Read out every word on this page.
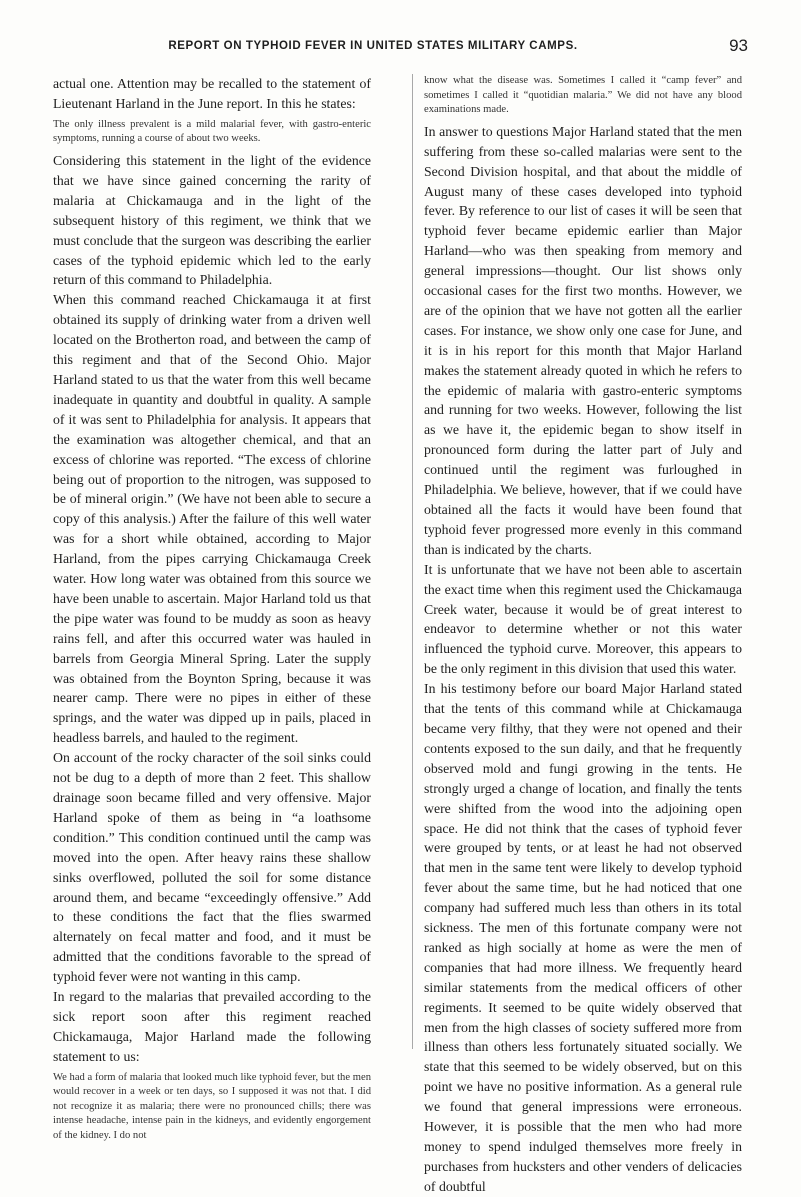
REPORT ON TYPHOID FEVER IN UNITED STATES MILITARY CAMPS.	93

actual one. Attention may be recalled to the statement of Lieutenant Harland in the June report. In this he states:

The only illness prevalent is a mild malarial fever, with gastro-enteric symptoms, running a course of about two weeks.

Considering this statement in the light of the evidence that we have since gained concerning the rarity of malaria at Chickamauga and in the light of the subsequent history of this regiment, we think that we must conclude that the surgeon was describing the earlier cases of the typhoid epidemic which led to the early return of this command to Philadelphia.

When this command reached Chickamauga it at first obtained its supply of drinking water from a driven well located on the Brotherton road, and between the camp of this regiment and that of the Second Ohio. Major Harland stated to us that the water from this well became inadequate in quantity and doubtful in quality. A sample of it was sent to Philadelphia for analysis. It appears that the examination was altogether chemical, and that an excess of chlorine was reported. “The excess of chlorine being out of proportion to the nitrogen, was supposed to be of mineral origin.” (We have not been able to secure a copy of this analysis.) After the failure of this well water was for a short while obtained, according to Major Harland, from the pipes carrying Chickamauga Creek water. How long water was obtained from this source we have been unable to ascertain. Major Harland told us that the pipe water was found to be muddy as soon as heavy rains fell, and after this occurred water was hauled in barrels from Georgia Mineral Spring. Later the supply was obtained from the Boynton Spring, because it was nearer camp. There were no pipes in either of these springs, and the water was dipped up in pails, placed in headless barrels, and hauled to the regiment.

On account of the rocky character of the soil sinks could not be dug to a depth of more than 2 feet. This shallow drainage soon became filled and very offensive. Major Harland spoke of them as being in “a loathsome condition.” This condition continued until the camp was moved into the open. After heavy rains these shallow sinks overflowed, polluted the soil for some distance around them, and became “exceedingly offensive.” Add to these conditions the fact that the flies swarmed alternately on fecal matter and food, and it must be admitted that the conditions favorable to the spread of typhoid fever were not wanting in this camp.

In regard to the malarias that prevailed according to the sick report soon after this regiment reached Chickamauga, Major Harland made the following statement to us:

We had a form of malaria that looked much like typhoid fever, but the men would recover in a week or ten days, so I supposed it was not that. I did not recognize it as malaria; there were no pronounced chills; there was intense headache, intense pain in the kidneys, and evidently engorgement of the kidney. I do not

know what the disease was. Sometimes I called it “camp fever” and sometimes I called it “quotidian malaria.” We did not have any blood examinations made.

In answer to questions Major Harland stated that the men suffering from these so-called malarias were sent to the Second Division hospital, and that about the middle of August many of these cases developed into typhoid fever. By reference to our list of cases it will be seen that typhoid fever became epidemic earlier than Major Harland—who was then speaking from memory and general impressions—thought. Our list shows only occasional cases for the first two months. However, we are of the opinion that we have not gotten all the earlier cases. For instance, we show only one case for June, and it is in his report for this month that Major Harland makes the statement already quoted in which he refers to the epidemic of malaria with gastro-enteric symptoms and running for two weeks. However, following the list as we have it, the epidemic began to show itself in pronounced form during the latter part of July and continued until the regiment was furloughed in Philadelphia. We believe, however, that if we could have obtained all the facts it would have been found that typhoid fever progressed more evenly in this command than is indicated by the charts.

It is unfortunate that we have not been able to ascertain the exact time when this regiment used the Chickamauga Creek water, because it would be of great interest to endeavor to determine whether or not this water influenced the typhoid curve. Moreover, this appears to be the only regiment in this division that used this water.

In his testimony before our board Major Harland stated that the tents of this command while at Chickamauga became very filthy, that they were not opened and their contents exposed to the sun daily, and that he frequently observed mold and fungi growing in the tents. He strongly urged a change of location, and finally the tents were shifted from the wood into the adjoining open space. He did not think that the cases of typhoid fever were grouped by tents, or at least he had not observed that men in the same tent were likely to develop typhoid fever about the same time, but he had noticed that one company had suffered much less than others in its total sickness. The men of this fortunate company were not ranked as high socially at home as were the men of companies that had more illness. We frequently heard similar statements from the medical officers of other regiments. It seemed to be quite widely observed that men from the high classes of society suffered more from illness than others less fortunately situated socially. We state that this seemed to be widely observed, but on this point we have no positive information. As a general rule we found that general impressions were erroneous. However, it is possible that the men who had more money to spend indulged themselves more freely in purchases from hucksters and other venders of delicacies of doubtful
